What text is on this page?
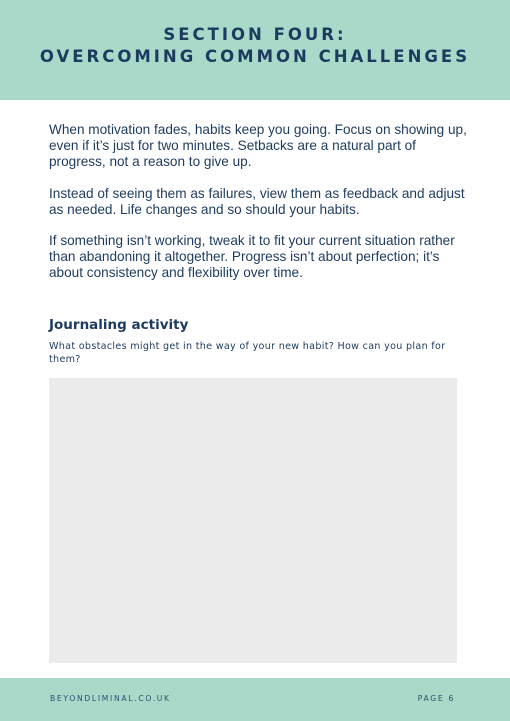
SECTION FOUR:
OVERCOMING COMMON CHALLENGES

When motivation fades, habits keep you going. Focus on showing up, even if it’s just for two minutes. Setbacks are a natural part of progress, not a reason to give up.

Instead of seeing them as failures, view them as feedback and adjust as needed. Life changes and so should your habits.

If something isn’t working, tweak it to fit your current situation rather than abandoning it altogether. Progress isn’t about perfection; it’s about consistency and flexibility over time.

Journaling activity
What obstacles might get in the way of your new habit? How can you plan for them?
BEYONDLIMINAL.CO.UK	PAGE 6
